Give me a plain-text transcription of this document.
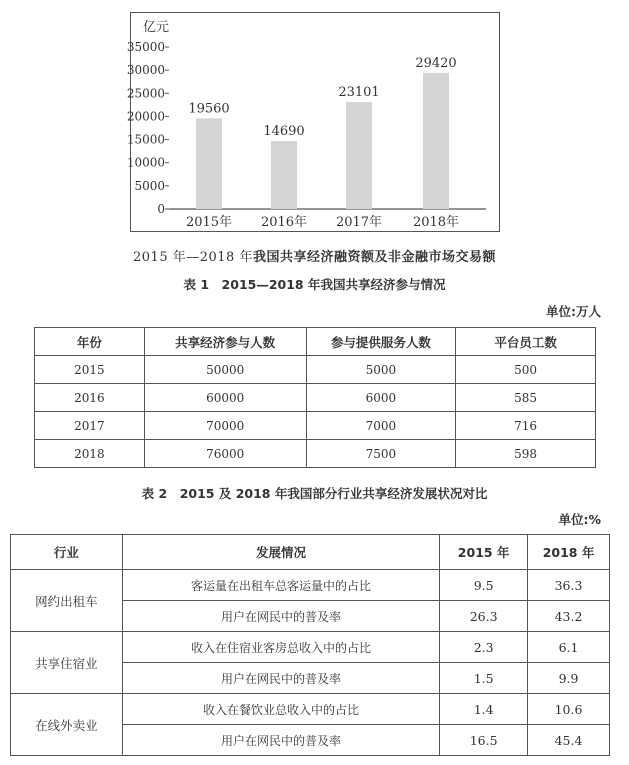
亿元
0
5000
10000
15000
20000
25000
30000
35000
19560
2015年
14690
2016年
23101
2017年
29420
2018年
2015 年—2018 年我国共享经济融资额及非金融市场交易额
表 1　2015—2018 年我国共享经济参与情况
单位:万人
年份	共享经济参与人数	参与提供服务人数	平台员工数
2015	50000	5000	500
2016	60000	6000	585
2017	70000	7000	716
2018	76000	7500	598
表 2　2015 及 2018 年我国部分行业共享经济发展状况对比
单位:%
行业	发展情况	2015 年	2018 年
网约出租车	客运量在出租车总客运量中的占比	9.5	36.3
	用户在网民中的普及率	26.3	43.2
共享住宿业	收入在住宿业客房总收入中的占比	2.3	6.1
	用户在网民中的普及率	1.5	9.9
在线外卖业	收入在餐饮业总收入中的占比	1.4	10.6
	用户在网民中的普及率	16.5	45.4
